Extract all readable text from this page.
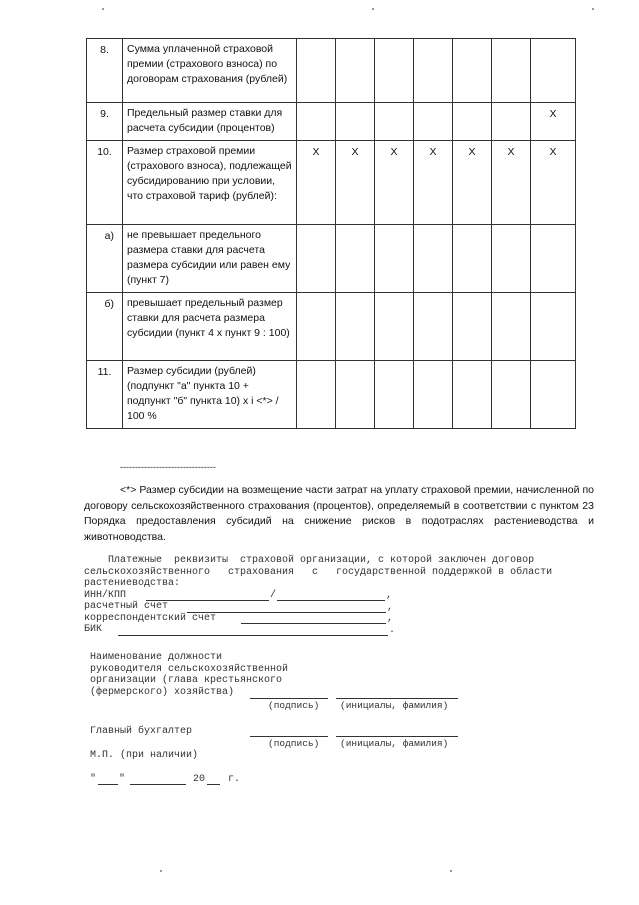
8.	Сумма уплаченной страховой премии (страхового взноса) по договорам страхования (рублей)							
9.	Предельный размер ставки для расчета субсидии (процентов)							X
10.	Размер страховой премии (страхового взноса), подлежащей субсидированию при условии, что страховой тариф (рублей):	X	X	X	X	X	X	X
а)	не превышает предельного размера ставки для расчета размера субсидии или равен ему (пункт 7)							
б)	превышает предельный размер ставки для расчета размера субсидии (пункт 4 х пункт 9 : 100)							
11.	Размер субсидии (рублей) (подпункт "а" пункта 10 + подпункт "б" пункта 10) х i <*> / 100 %							
--------------------------------

<*> Размер субсидии на возмещение части затрат на уплату страховой премии, начисленной по договору сельскохозяйственного страхования (процентов), определяемый в соответствии с пунктом 23 Порядка предоставления субсидий на снижение рисков в подотраслях растениеводства и животноводства.

Платежные  реквизиты  страховой организации, с которой заключен договор
сельскохозяйственного   страхования   с   государственной поддержкой в области
растениеводства:
ИНН/КПП
расчетный счет
корреспондентский счет
БИК
/	,
,
,
.
Наименование должности
руководителя сельскохозяйственной
организации (глава крестьянского
(фермерского) хозяйства)
(подпись) (инициалы, фамилия)
Главный бухгалтер
(подпись) (инициалы, фамилия)
М.П. (при наличии)
" "	20 г.
